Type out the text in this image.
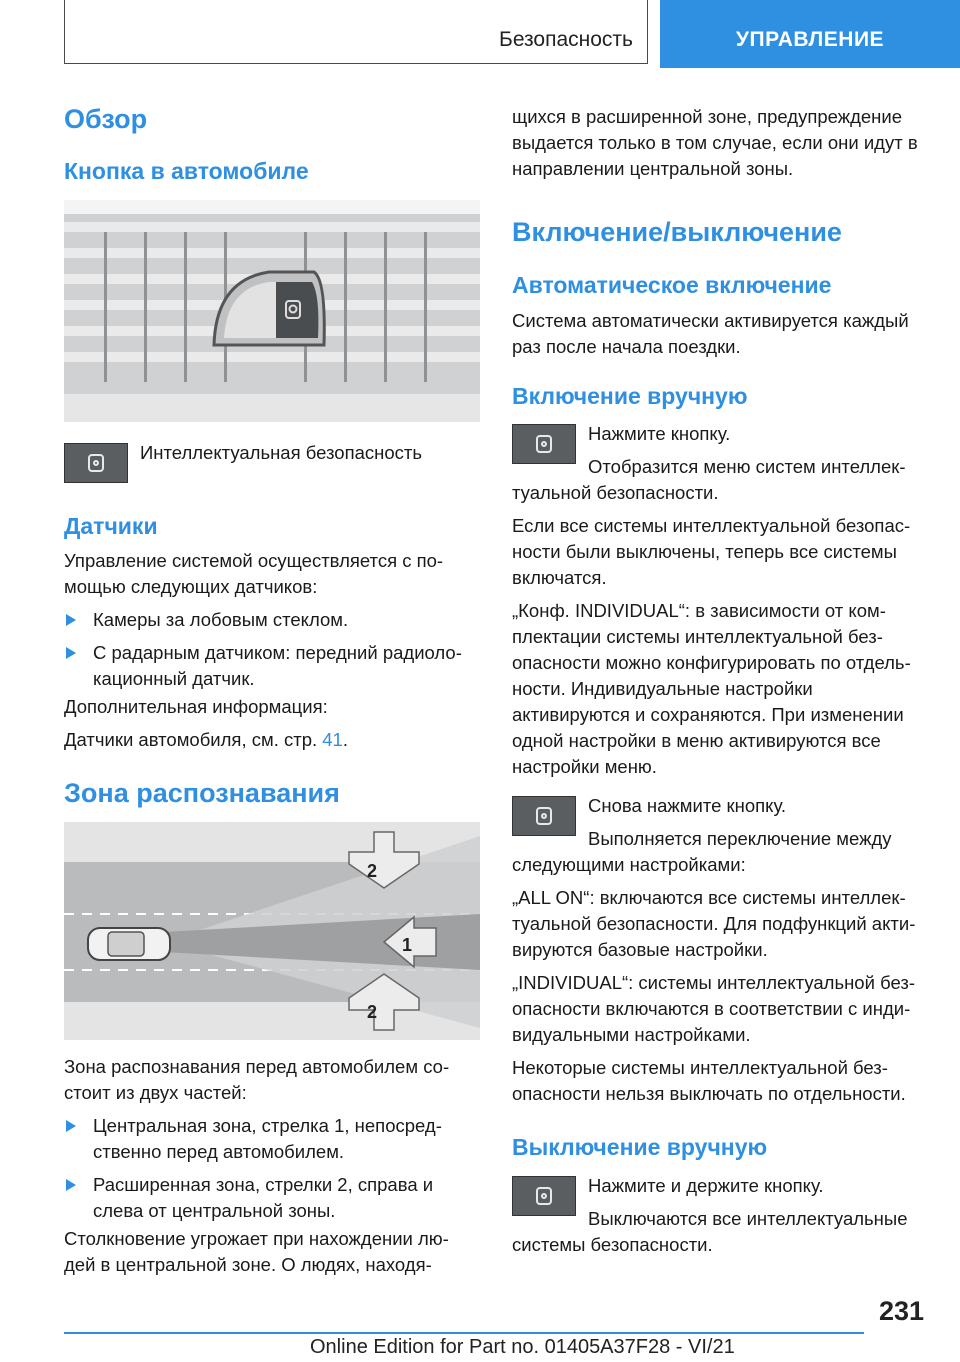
Безопасность	УПРАВЛЕНИЕ
Обзор
Кнопка в автомобиле
Интеллектуальная безопасность
Датчики
Управление системой осуществляется с по-
мощью следующих датчиков:
Камеры за лобовым стеклом.
С радарным датчиком: передний радиоло-
кационный датчик.
Дополнительная информация:
Датчики автомобиля, см. стр. 41.
Зона распознавания
2
1
2
Зона распознавания перед автомобилем со-
стоит из двух частей:
Центральная зона, стрелка 1, непосред-
ственно перед автомобилем.
Расширенная зона, стрелки 2, справа и
слева от центральной зоны.
Столкновение угрожает при нахождении лю-
дей в центральной зоне. О людях, находя-
щихся в расширенной зоне, предупреждение
выдается только в том случае, если они идут в
направлении центральной зоны.
Включение/выключение
Автоматическое включение
Система автоматически активируется каждый
раз после начала поездки.
Включение вручную
Нажмите кнопку.
Отобразится меню систем интеллек-
туальной безопасности.
Если все системы интеллектуальной безопас-
ности были выключены, теперь все системы
включатся.
„Конф. INDIVIDUAL“: в зависимости от ком-
плектации системы интеллектуальной без-
опасности можно конфигурировать по отдель-
ности. Индивидуальные настройки
активируются и сохраняются. При изменении
одной настройки в меню активируются все
настройки меню.
Снова нажмите кнопку.
Выполняется переключение между
следующими настройками:
„ALL ON“: включаются все системы интеллек-
туальной безопасности. Для подфункций акти-
вируются базовые настройки.
„INDIVIDUAL“: системы интеллектуальной без-
опасности включаются в соответствии с инди-
видуальными настройками.
Некоторые системы интеллектуальной без-
опасности нельзя выключать по отдельности.
Выключение вручную
Нажмите и держите кнопку.
Выключаются все интеллектуальные
системы безопасности.
231
Online Edition for Part no. 01405A37F28 - VI/21
